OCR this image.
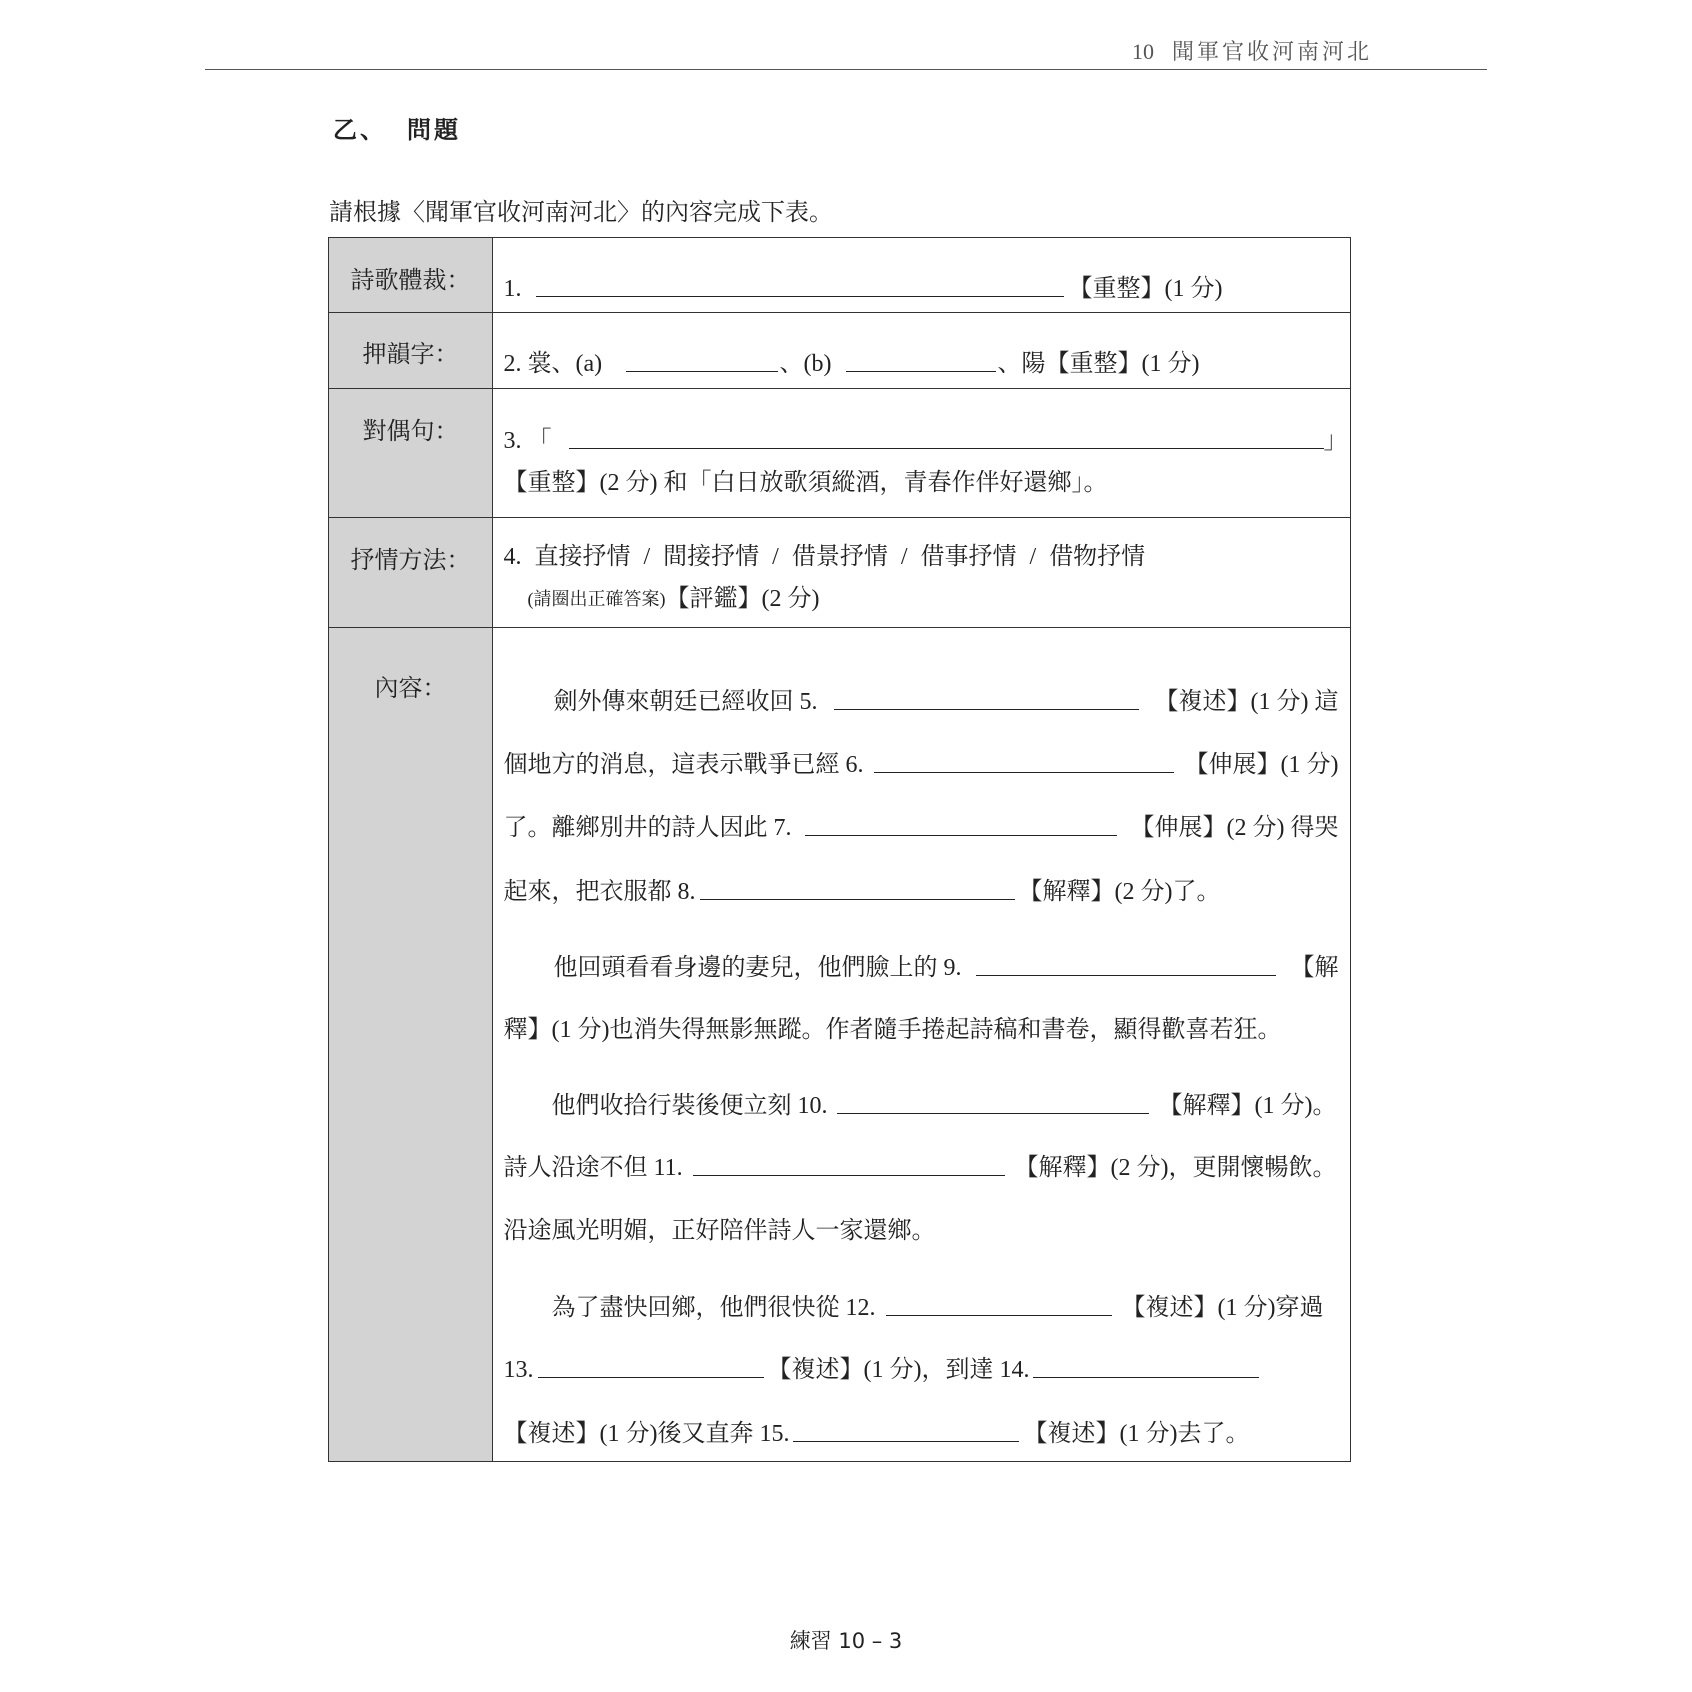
10 聞軍官收河南河北
乙、 問題
請根據〈聞軍官收河南河北〉的內容完成下表。
詩歌體裁：	1.	【重整】(1 分)
押韻字：	2. 裳、(a)	、(b)	、陽【重整】(1 分)
對偶句：	3. 「	」
【重整】(2 分) 和「白日放歌須縱酒，青春作伴好還鄉」。
抒情方法：	4. 直接抒情 / 間接抒情 / 借景抒情 / 借事抒情 / 借物抒情
(請圈出正確答案) 【評鑑】(2 分)
內容：	劍外傳來朝廷已經收回 5.	【複述】(1 分) 這
個地方的消息，這表示戰爭已經 6.	【伸展】(1 分)
了。離鄉別井的詩人因此 7.	【伸展】(2 分) 得哭
起來，把衣服都 8.	【解釋】(2 分)了。
他回頭看看身邊的妻兒，他們臉上的 9.	【解
釋】(1 分)也消失得無影無蹤。作者隨手捲起詩稿和書卷，顯得歡喜若狂。
他們收拾行裝後便立刻 10.	【解釋】(1 分)。
詩人沿途不但 11.	【解釋】(2 分)，更開懷暢飲。
沿途風光明媚，正好陪伴詩人一家還鄉。
為了盡快回鄉，他們很快從 12.	【複述】(1 分)穿過
13.	【複述】(1 分)，到達 14.
【複述】(1 分)後又直奔 15.	【複述】(1 分)去了。
練習 10 – 3
